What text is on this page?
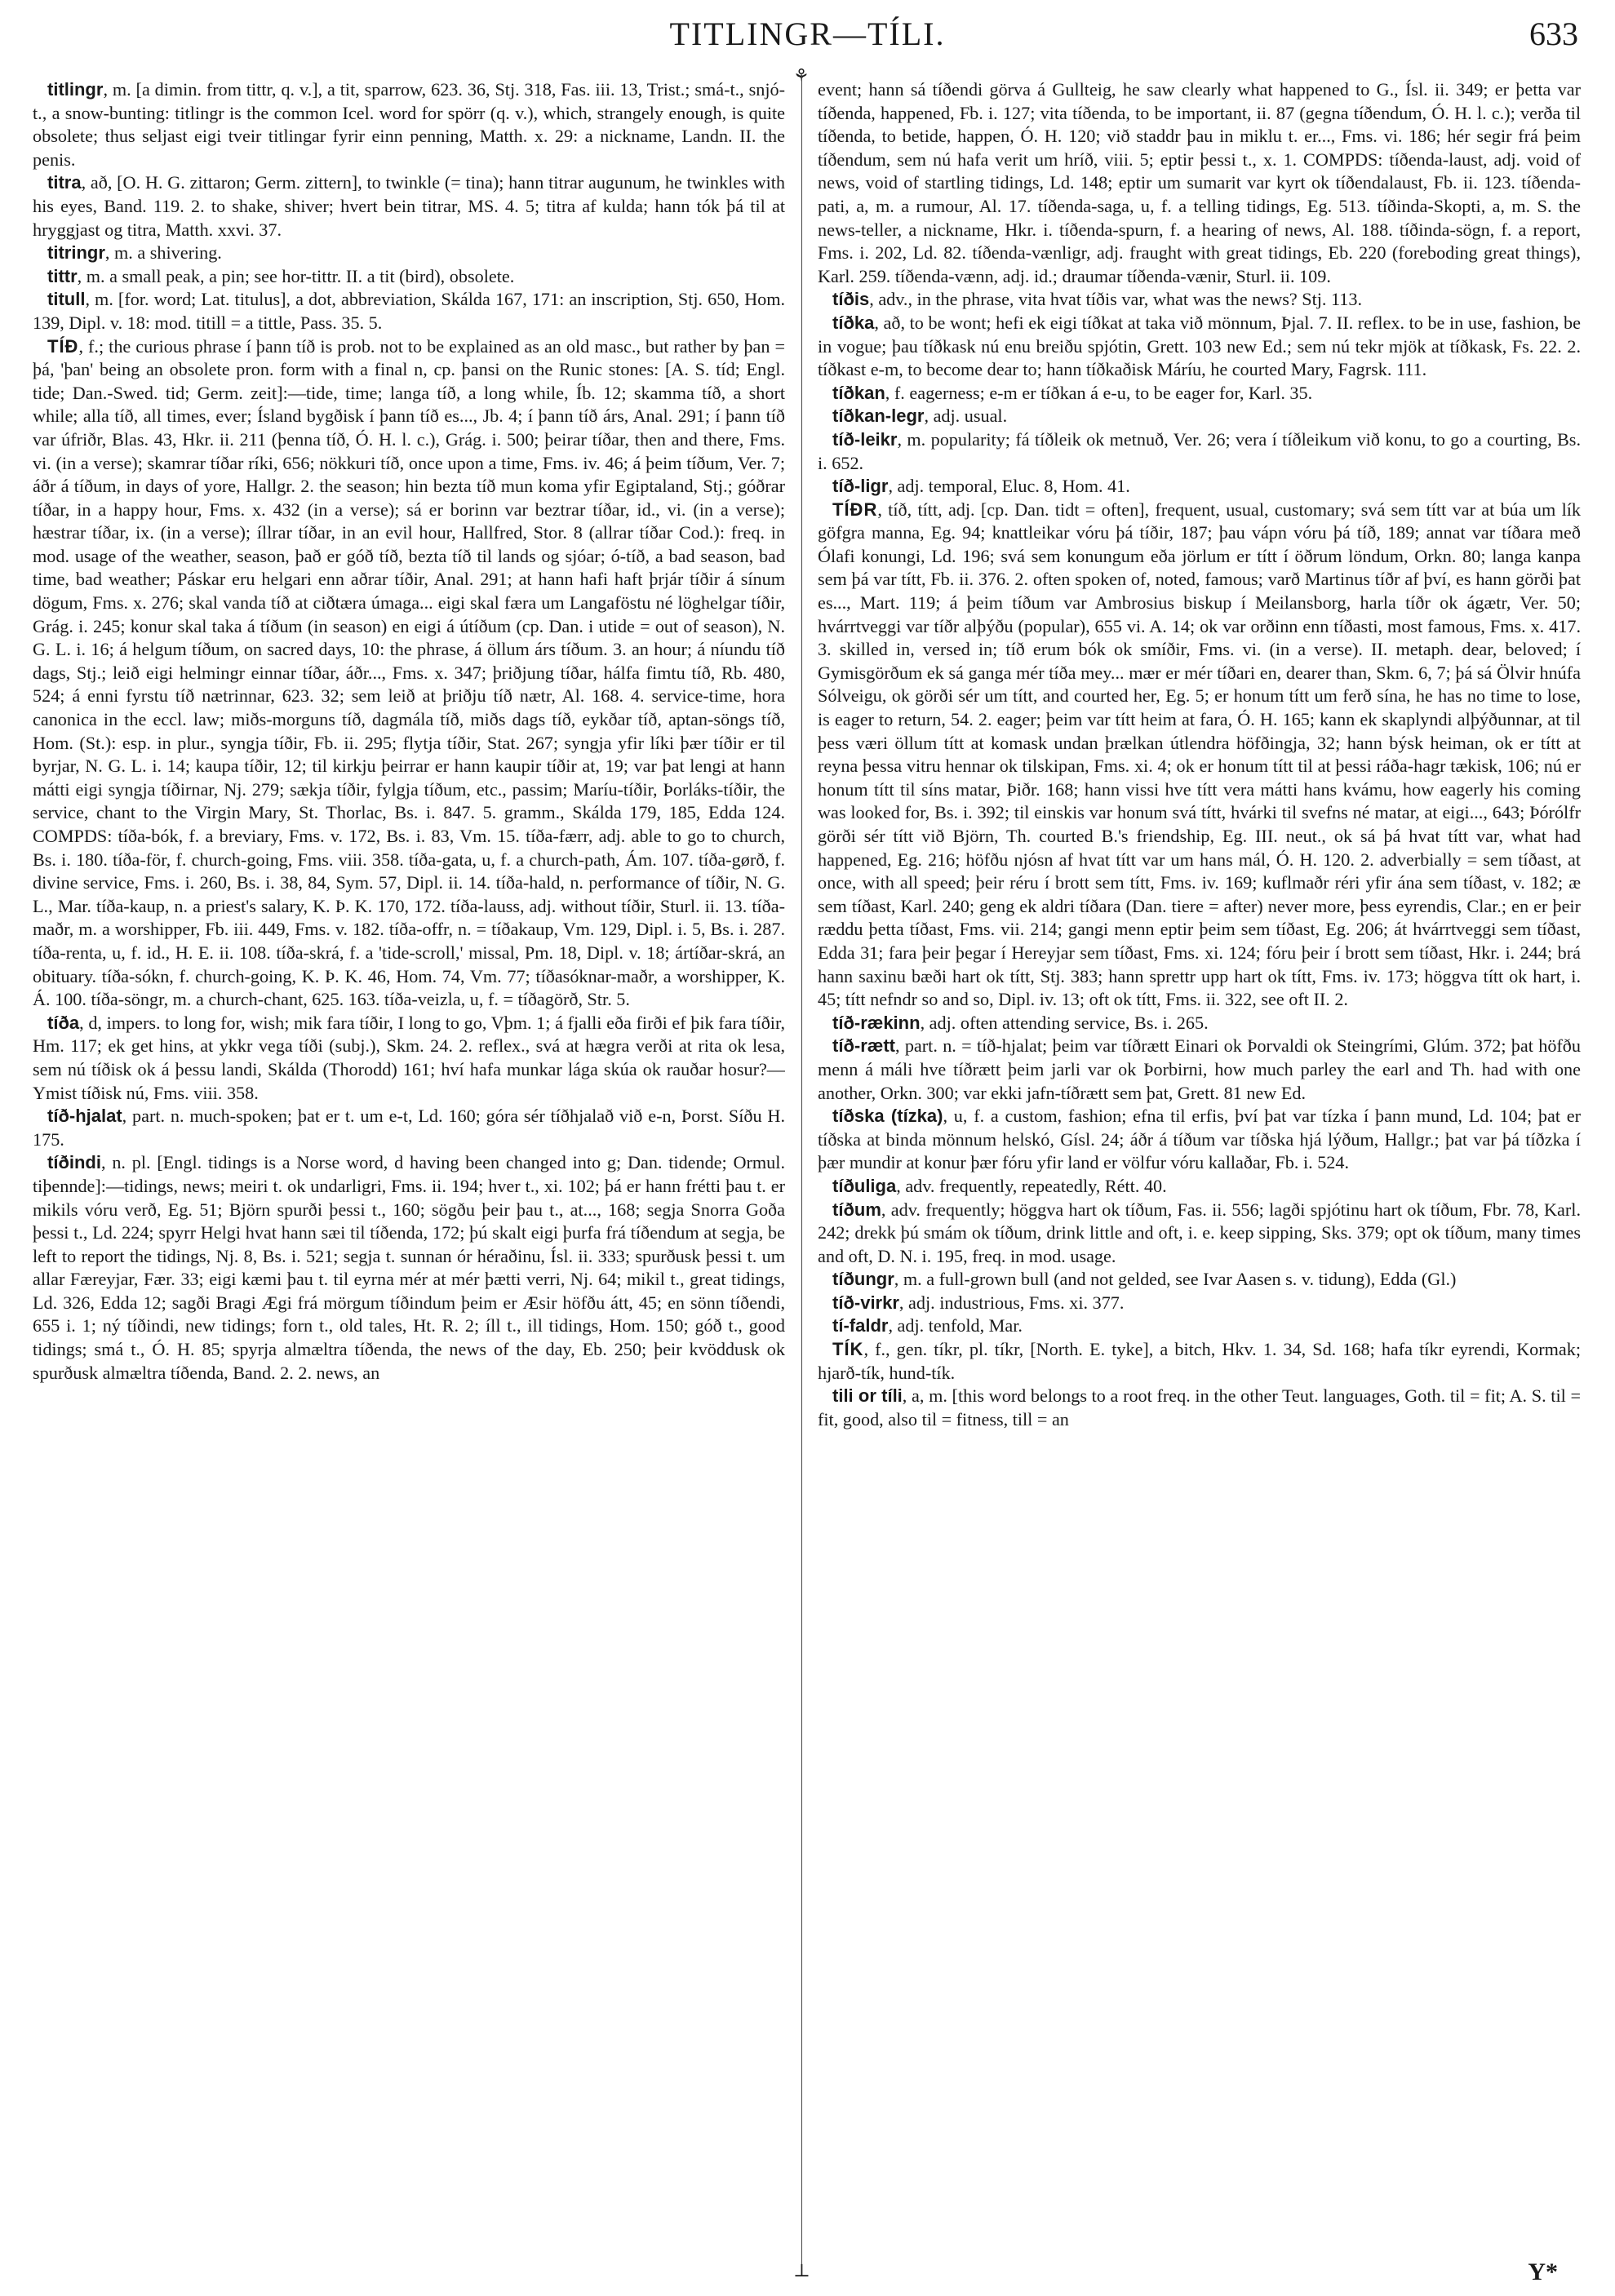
TITLINGR—TÍLI.	633
⚘
⊥

titlingr, m. [a dimin. from tittr, q. v.], a tit, sparrow, 623. 36, Stj. 318, Fas. iii. 13, Trist.; smá-t., snjó-t., a snow-bunting: titlingr is the common Icel. word for spörr (q. v.), which, strangely enough, is quite obsolete; thus seljast eigi tveir titlingar fyrir einn penning, Matth. x. 29: a nickname, Landn. II. the penis.

titra, að, [O. H. G. zittaron; Germ. zittern], to twinkle (= tina); hann titrar augunum, he twinkles with his eyes, Band. 119. 2. to shake, shiver; hvert bein titrar, MS. 4. 5; titra af kulda; hann tók þá til at hryggjast og titra, Matth. xxvi. 37.

titringr, m. a shivering.

tittr, m. a small peak, a pin; see hor-tittr. II. a tit (bird), obsolete.

titull, m. [for. word; Lat. titulus], a dot, abbreviation, Skálda 167, 171: an inscription, Stj. 650, Hom. 139, Dipl. v. 18: mod. titill = a tittle, Pass. 35. 5.

TÍÐ, f.; the curious phrase í þann tíð is prob. not to be explained as an old masc., but rather by þan = þá, 'þan' being an obsolete pron. form with a final n, cp. þansi on the Runic stones: [A. S. tíd; Engl. tide; Dan.-Swed. tid; Germ. zeit]:—tide, time; langa tíð, a long while, Íb. 12; skamma tíð, a short while; alla tíð, all times, ever; Ísland bygðisk í þann tíð es..., Jb. 4; í þann tíð árs, Anal. 291; í þann tíð var úfriðr, Blas. 43, Hkr. ii. 211 (þenna tíð, Ó. H. l. c.), Grág. i. 500; þeirar tíðar, then and there, Fms. vi. (in a verse); skamrar tíðar ríki, 656; nökkuri tíð, once upon a time, Fms. iv. 46; á þeim tíðum, Ver. 7; áðr á tíðum, in days of yore, Hallgr. 2. the season; hin bezta tíð mun koma yfir Egiptaland, Stj.; góðrar tíðar, in a happy hour, Fms. x. 432 (in a verse); sá er borinn var beztrar tíðar, id., vi. (in a verse); hæstrar tíðar, ix. (in a verse); íllrar tíðar, in an evil hour, Hallfred, Stor. 8 (allrar tíðar Cod.): freq. in mod. usage of the weather, season, það er góð tíð, bezta tíð til lands og sjóar; ó-tíð, a bad season, bad time, bad weather; Páskar eru helgari enn aðrar tíðir, Anal. 291; at hann hafi haft þrjár tíðir á sínum dögum, Fms. x. 276; skal vanda tíð at ciðtæra úmaga... eigi skal færa um Langaföstu né löghelgar tíðir, Grág. i. 245; konur skal taka á tíðum (in season) en eigi á útíðum (cp. Dan. i utide = out of season), N. G. L. i. 16; á helgum tíðum, on sacred days, 10: the phrase, á öllum árs tíðum. 3. an hour; á níundu tíð dags, Stj.; leið eigi helmingr einnar tíðar, áðr..., Fms. x. 347; þriðjung tíðar, hálfa fimtu tíð, Rb. 480, 524; á enni fyrstu tíð nætrinnar, 623. 32; sem leið at þriðju tíð nætr, Al. 168. 4. service-time, hora canonica in the eccl. law; miðs-morguns tíð, dagmála tíð, miðs dags tíð, eykðar tíð, aptan-söngs tíð, Hom. (St.): esp. in plur., syngja tíðir, Fb. ii. 295; flytja tíðir, Stat. 267; syngja yfir líki þær tíðir er til byrjar, N. G. L. i. 14; kaupa tíðir, 12; til kirkju þeirrar er hann kaupir tíðir at, 19; var þat lengi at hann mátti eigi syngja tíðirnar, Nj. 279; sækja tíðir, fylgja tíðum, etc., passim; Maríu-tíðir, Þorláks-tíðir, the service, chant to the Virgin Mary, St. Thorlac, Bs. i. 847. 5. gramm., Skálda 179, 185, Edda 124. COMPDS: tíða-bók, f. a breviary, Fms. v. 172, Bs. i. 83, Vm. 15. tíða-færr, adj. able to go to church, Bs. i. 180. tíða-för, f. church-going, Fms. viii. 358. tíða-gata, u, f. a church-path, Ám. 107. tíða-gørð, f. divine service, Fms. i. 260, Bs. i. 38, 84, Sym. 57, Dipl. ii. 14. tíða-hald, n. performance of tíðir, N. G. L., Mar. tíða-kaup, n. a priest's salary, K. Þ. K. 170, 172. tíða-lauss, adj. without tíðir, Sturl. ii. 13. tíða-maðr, m. a worshipper, Fb. iii. 449, Fms. v. 182. tíða-offr, n. = tíðakaup, Vm. 129, Dipl. i. 5, Bs. i. 287. tíða-renta, u, f. id., H. E. ii. 108. tíða-skrá, f. a 'tide-scroll,' missal, Pm. 18, Dipl. v. 18; ártíðar-skrá, an obituary. tíða-sókn, f. church-going, K. Þ. K. 46, Hom. 74, Vm. 77; tíðasóknar-maðr, a worshipper, K. Á. 100. tíða-söngr, m. a church-chant, 625. 163. tíða-veizla, u, f. = tíðagörð, Str. 5.

tíða, d, impers. to long for, wish; mik fara tíðir, I long to go, Vþm. 1; á fjalli eða firði ef þik fara tíðir, Hm. 117; ek get hins, at ykkr vega tíði (subj.), Skm. 24. 2. reflex., svá at hægra verði at rita ok lesa, sem nú tíðisk ok á þessu landi, Skálda (Thorodd) 161; hví hafa munkar lága skúa ok rauðar hosur?—Ymist tíðisk nú, Fms. viii. 358.

tíð-hjalat, part. n. much-spoken; þat er t. um e-t, Ld. 160; góra sér tíðhjalað við e-n, Þorst. Síðu H. 175.

tíðindi, n. pl. [Engl. tidings is a Norse word, d having been changed into g; Dan. tidende; Ormul. tiþennde]:—tidings, news; meiri t. ok undarligri, Fms. ii. 194; hver t., xi. 102; þá er hann frétti þau t. er mikils vóru verð, Eg. 51; Björn spurði þessi t., 160; sögðu þeir þau t., at..., 168; segja Snorra Goða þessi t., Ld. 224; spyrr Helgi hvat hann sæi til tíðenda, 172; þú skalt eigi þurfa frá tíðendum at segja, be left to report the tidings, Nj. 8, Bs. i. 521; segja t. sunnan ór héraðinu, Ísl. ii. 333; spurðusk þessi t. um allar Færeyjar, Fær. 33; eigi kæmi þau t. til eyrna mér at mér þætti verri, Nj. 64; mikil t., great tidings, Ld. 326, Edda 12; sagði Bragi Ægi frá mörgum tíðindum þeim er Æsir höfðu átt, 45; en sönn tíðendi, 655 i. 1; ný tíðindi, new tidings; forn t., old tales, Ht. R. 2; íll t., ill tidings, Hom. 150; góð t., good tidings; smá t., Ó. H. 85; spyrja almæltra tíðenda, the news of the day, Eb. 250; þeir kvöddusk ok spurðusk almæltra tíðenda, Band. 2. 2. news, an

event; hann sá tíðendi görva á Gullteig, he saw clearly what happened to G., Ísl. ii. 349; er þetta var tíðenda, happened, Fb. i. 127; vita tíðenda, to be important, ii. 87 (gegna tíðendum, Ó. H. l. c.); verða til tíðenda, to betide, happen, Ó. H. 120; við staddr þau in miklu t. er..., Fms. vi. 186; hér segir frá þeim tíðendum, sem nú hafa verit um hríð, viii. 5; eptir þessi t., x. 1. COMPDS: tíðenda-laust, adj. void of news, void of startling tidings, Ld. 148; eptir um sumarit var kyrt ok tíðendalaust, Fb. ii. 123. tíðenda-pati, a, m. a rumour, Al. 17. tíðenda-saga, u, f. a telling tidings, Eg. 513. tíðinda-Skopti, a, m. S. the news-teller, a nickname, Hkr. i. tíðenda-spurn, f. a hearing of news, Al. 188. tíðinda-sögn, f. a report, Fms. i. 202, Ld. 82. tíðenda-vænligr, adj. fraught with great tidings, Eb. 220 (foreboding great things), Karl. 259. tíðenda-vænn, adj. id.; draumar tíðenda-vænir, Sturl. ii. 109.

tíðis, adv., in the phrase, vita hvat tíðis var, what was the news? Stj. 113.

tíðka, að, to be wont; hefi ek eigi tíðkat at taka við mönnum, Þjal. 7. II. reflex. to be in use, fashion, be in vogue; þau tíðkask nú enu breiðu spjótin, Grett. 103 new Ed.; sem nú tekr mjök at tíðkask, Fs. 22. 2. tíðkast e-m, to become dear to; hann tíðkaðisk Máríu, he courted Mary, Fagrsk. 111.

tíðkan, f. eagerness; e-m er tíðkan á e-u, to be eager for, Karl. 35.

tíðkan-legr, adj. usual.

tíð-leikr, m. popularity; fá tíðleik ok metnuð, Ver. 26; vera í tíðleikum við konu, to go a courting, Bs. i. 652.

tíð-ligr, adj. temporal, Eluc. 8, Hom. 41.

TÍÐR, tíð, títt, adj. [cp. Dan. tidt = often], frequent, usual, customary; svá sem títt var at búa um lík göfgra manna, Eg. 94; knattleikar vóru þá tíðir, 187; þau vápn vóru þá tíð, 189; annat var tíðara með Ólafi konungi, Ld. 196; svá sem konungum eða jörlum er títt í öðrum löndum, Orkn. 80; langa kanpa sem þá var títt, Fb. ii. 376. 2. often spoken of, noted, famous; varð Martinus tíðr af því, es hann görði þat es..., Mart. 119; á þeim tíðum var Ambrosius biskup í Meilansborg, harla tíðr ok ágætr, Ver. 50; hvárrtveggi var tíðr alþýðu (popular), 655 vi. A. 14; ok var orðinn enn tíðasti, most famous, Fms. x. 417. 3. skilled in, versed in; tíð erum bók ok smíðir, Fms. vi. (in a verse). II. metaph. dear, beloved; í Gymisgörðum ek sá ganga mér tíða mey... mær er mér tíðari en, dearer than, Skm. 6, 7; þá sá Ölvir hnúfa Sólveigu, ok görði sér um títt, and courted her, Eg. 5; er honum títt um ferð sína, he has no time to lose, is eager to return, 54. 2. eager; þeim var títt heim at fara, Ó. H. 165; kann ek skaplyndi alþýðunnar, at til þess væri öllum títt at komask undan þrælkan útlendra höfðingja, 32; hann býsk heiman, ok er títt at reyna þessa vitru hennar ok tilskipan, Fms. xi. 4; ok er honum títt til at þessi ráða-hagr tækisk, 106; nú er honum títt til síns matar, Þiðr. 168; hann vissi hve títt vera mátti hans kvámu, how eagerly his coming was looked for, Bs. i. 392; til einskis var honum svá títt, hvárki til svefns né matar, at eigi..., 643; Þórólfr görði sér títt við Björn, Th. courted B.'s friendship, Eg. III. neut., ok sá þá hvat títt var, what had happened, Eg. 216; höfðu njósn af hvat títt var um hans mál, Ó. H. 120. 2. adverbially = sem tíðast, at once, with all speed; þeir réru í brott sem títt, Fms. iv. 169; kuflmaðr réri yfir ána sem tíðast, v. 182; æ sem tíðast, Karl. 240; geng ek aldri tíðara (Dan. tiere = after) never more, þess eyrendis, Clar.; en er þeir ræddu þetta tíðast, Fms. vii. 214; gangi menn eptir þeim sem tíðast, Eg. 206; át hvárrtveggi sem tíðast, Edda 31; fara þeir þegar í Hereyjar sem tíðast, Fms. xi. 124; fóru þeir í brott sem tíðast, Hkr. i. 244; brá hann saxinu bæði hart ok títt, Stj. 383; hann sprettr upp hart ok títt, Fms. iv. 173; höggva títt ok hart, i. 45; títt nefndr so and so, Dipl. iv. 13; oft ok títt, Fms. ii. 322, see oft II. 2.

tíð-rækinn, adj. often attending service, Bs. i. 265.

tíð-rætt, part. n. = tíð-hjalat; þeim var tíðrætt Einari ok Þorvaldi ok Steingrími, Glúm. 372; þat höfðu menn á máli hve tíðrætt þeim jarli var ok Þorbirni, how much parley the earl and Th. had with one another, Orkn. 300; var ekki jafn-tíðrætt sem þat, Grett. 81 new Ed.

tíðska (tízka), u, f. a custom, fashion; efna til erfis, því þat var tízka í þann mund, Ld. 104; þat er tíðska at binda mönnum helskó, Gísl. 24; áðr á tíðum var tíðska hjá lýðum, Hallgr.; þat var þá tíðzka í þær mundir at konur þær fóru yfir land er völfur vóru kallaðar, Fb. i. 524.

tíðuliga, adv. frequently, repeatedly, Rétt. 40.

tíðum, adv. frequently; höggva hart ok tíðum, Fas. ii. 556; lagði spjótinu hart ok tíðum, Fbr. 78, Karl. 242; drekk þú smám ok tíðum, drink little and oft, i. e. keep sipping, Sks. 379; opt ok tíðum, many times and oft, D. N. i. 195, freq. in mod. usage.

tíðungr, m. a full-grown bull (and not gelded, see Ivar Aasen s. v. tidung), Edda (Gl.)

tíð-virkr, adj. industrious, Fms. xi. 377.

tí-faldr, adj. tenfold, Mar.

TÍK, f., gen. tíkr, pl. tíkr, [North. E. tyke], a bitch, Hkv. 1. 34, Sd. 168; hafa tíkr eyrendi, Kormak; hjarð-tík, hund-tík.

tili or tíli, a, m. [this word belongs to a root freq. in the other Teut. languages, Goth. til = fit; A. S. til = fit, good, also til = fitness, till = an

Y*
